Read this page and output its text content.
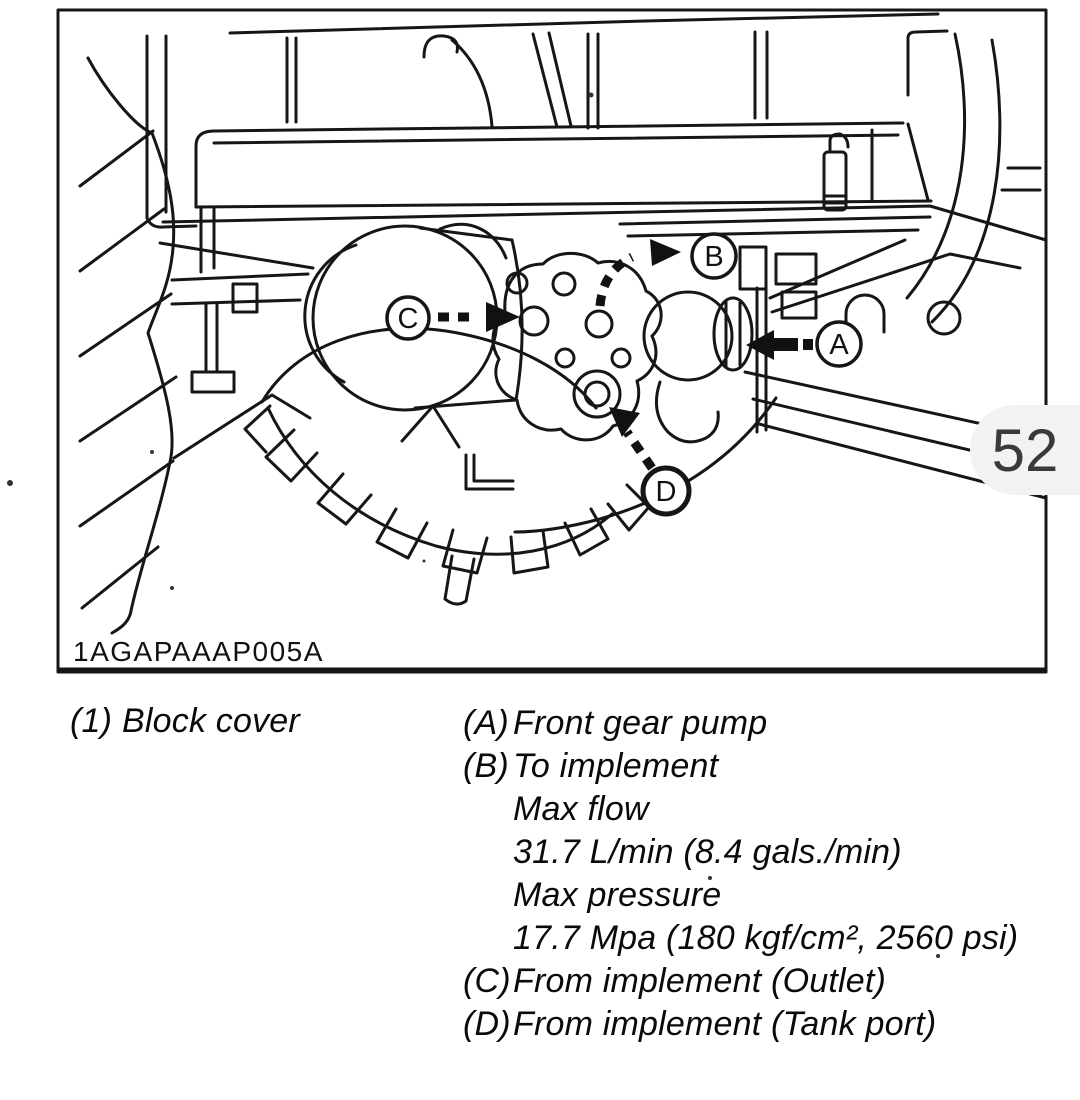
C
B
A
D
1AGAPAAAP005A
52
(1) Block cover	(A) Front gear pump
(B) To implement
Max flow
31.7 L/min (8.4 gals./min)
Max pressure
17.7 Mpa (180 kgf/cm², 2560 psi)
(C) From implement (Outlet)
(D) From implement (Tank port)
